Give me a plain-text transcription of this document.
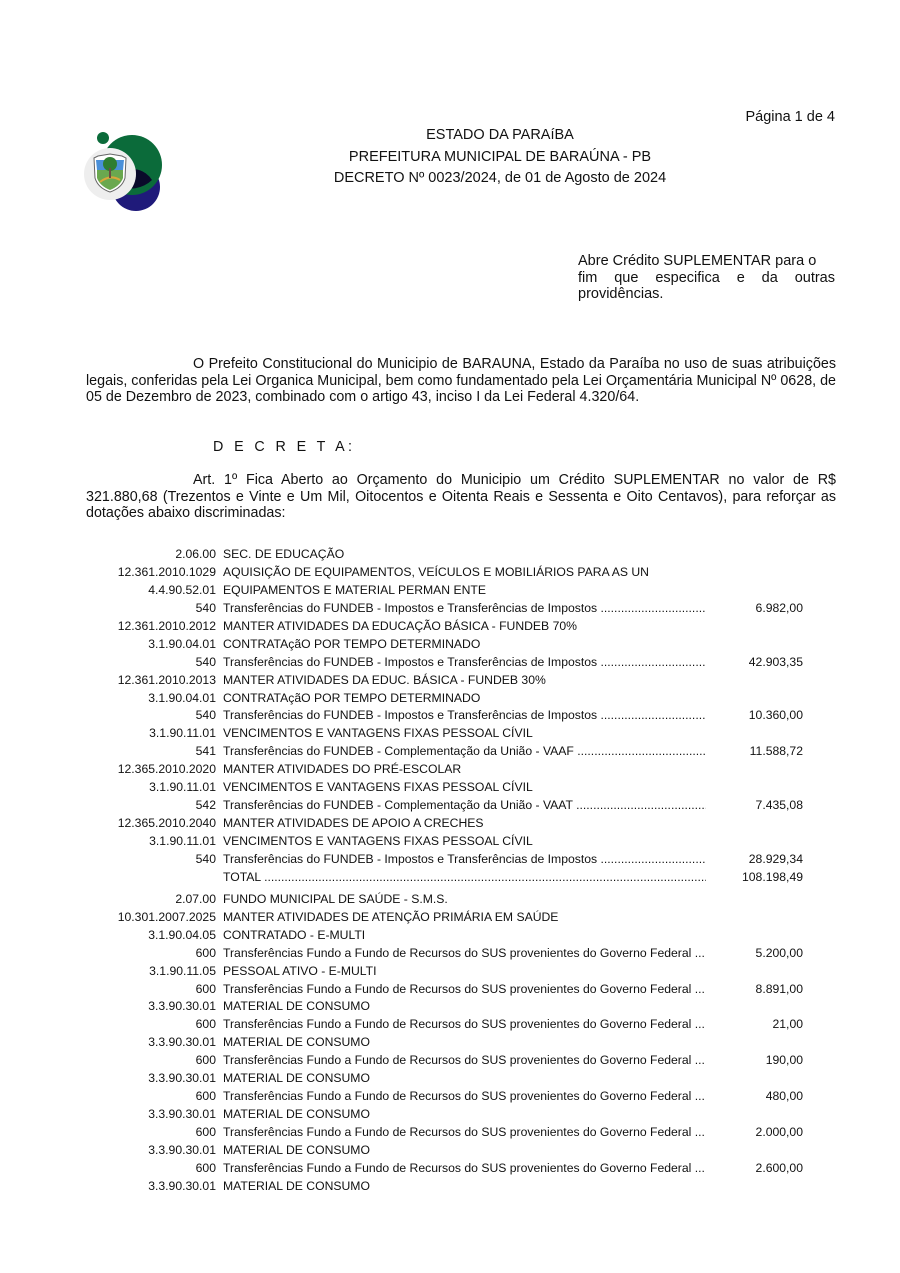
Página 1 de 4
ESTADO DA PARAíBA
PREFEITURA MUNICIPAL DE BARAÚNA - PB
DECRETO Nº 0023/2024, de 01 de Agosto de 2024
Abre Crédito SUPLEMENTAR para o
fim que especifica e da outras
providências.
O Prefeito Constitucional do Municipio de BARAUNA, Estado da Paraíba no uso de suas atribuições legais, conferidas pela Lei Organica Municipal, bem como fundamentado pela Lei Orçamentária Municipal Nº 0628, de 05 de Dezembro de 2023, combinado com o artigo 43, inciso I da Lei Federal 4.320/64.
D E C R E T A:
Art. 1º Fica Aberto ao Orçamento do Municipio um Crédito SUPLEMENTAR no valor de R$ 321.880,68 (Trezentos e Vinte e Um Mil, Oitocentos e Oitenta Reais e Sessenta e Oito Centavos), para reforçar as dotações abaixo discriminadas:
2.06.00 SEC. DE EDUCAÇÃO
12.361.2010.1029 AQUISIÇÃO DE EQUIPAMENTOS, VEÍCULOS E MOBILIÁRIOS PARA AS UN
4.4.90.52.01 EQUIPAMENTOS E MATERIAL PERMAN ENTE
540 Transferências do FUNDEB - Impostos e Transferências de Impostos .....	6.982,00
12.361.2010.2012 MANTER ATIVIDADES DA EDUCAÇÃO BÁSICA - FUNDEB 70%
3.1.90.04.01 CONTRATAçãO POR TEMPO DETERMINADO
540 Transferências do FUNDEB - Impostos e Transferências de Impostos .....	42.903,35
12.361.2010.2013 MANTER ATIVIDADES DA EDUC. BÁSICA - FUNDEB 30%
3.1.90.04.01 CONTRATAçãO POR TEMPO DETERMINADO
540 Transferências do FUNDEB - Impostos e Transferências de Impostos .....	10.360,00
3.1.90.11.01 VENCIMENTOS E VANTAGENS FIXAS PESSOAL CÍVIL
541 Transferências do FUNDEB - Complementação da União - VAAF .....	11.588,72
12.365.2010.2020 MANTER ATIVIDADES DO PRÉ-ESCOLAR
3.1.90.11.01 VENCIMENTOS E VANTAGENS FIXAS PESSOAL CÍVIL
542 Transferências do FUNDEB - Complementação da União - VAAT .....	7.435,08
12.365.2010.2040 MANTER ATIVIDADES DE APOIO A CRECHES
3.1.90.11.01 VENCIMENTOS E VANTAGENS FIXAS PESSOAL CÍVIL
540 Transferências do FUNDEB - Impostos e Transferências de Impostos .....	28.929,34
TOTAL .....	108.198,49
2.07.00 FUNDO MUNICIPAL DE SAÚDE - S.M.S.
10.301.2007.2025 MANTER ATIVIDADES DE ATENÇÃO PRIMÁRIA EM SAÚDE
3.1.90.04.05 CONTRATADO - E-MULTI
600 Transferências Fundo a Fundo de Recursos do SUS provenientes do Governo Federal .....	5.200,00
3.1.90.11.05 PESSOAL ATIVO - E-MULTI
600 Transferências Fundo a Fundo de Recursos do SUS provenientes do Governo Federal .....	8.891,00
3.3.90.30.01 MATERIAL DE CONSUMO
600 Transferências Fundo a Fundo de Recursos do SUS provenientes do Governo Federal .....	21,00
3.3.90.30.01 MATERIAL DE CONSUMO
600 Transferências Fundo a Fundo de Recursos do SUS provenientes do Governo Federal .....	190,00
3.3.90.30.01 MATERIAL DE CONSUMO
600 Transferências Fundo a Fundo de Recursos do SUS provenientes do Governo Federal .....	480,00
3.3.90.30.01 MATERIAL DE CONSUMO
600 Transferências Fundo a Fundo de Recursos do SUS provenientes do Governo Federal .....	2.000,00
3.3.90.30.01 MATERIAL DE CONSUMO
600 Transferências Fundo a Fundo de Recursos do SUS provenientes do Governo Federal .....	2.600,00
3.3.90.30.01 MATERIAL DE CONSUMO
